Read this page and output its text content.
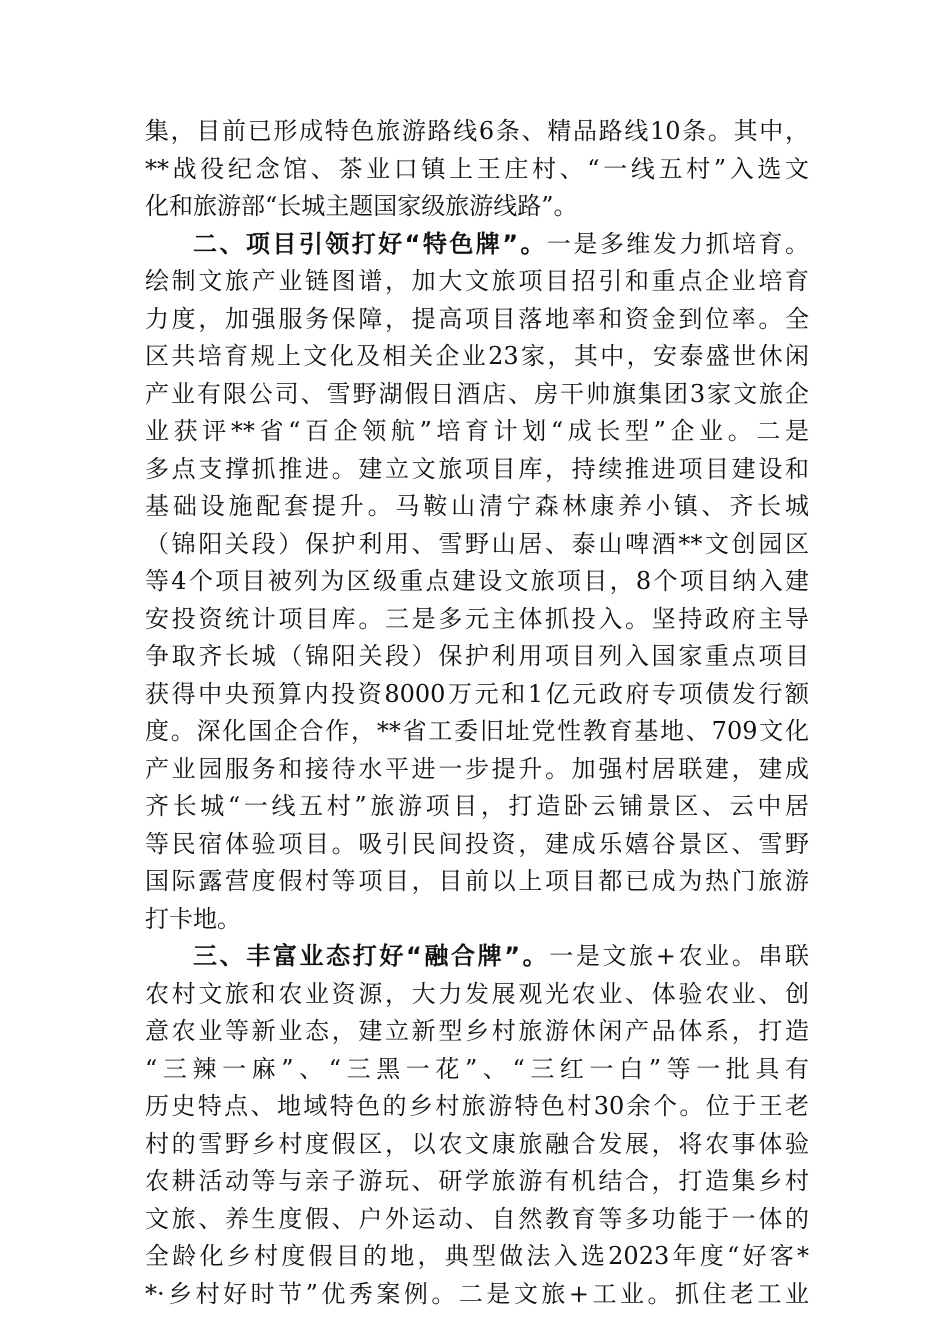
集，目前已形成特色旅游路线6条、精品路线10条。其中，
**战役纪念馆、茶业口镇上王庄村、“一线五村”入选文
化和旅游部“长城主题国家级旅游线路”。
二、项目引领打好“特色牌”。一是多维发力抓培育。
绘制文旅产业链图谱，加大文旅项目招引和重点企业培育
力度，加强服务保障，提高项目落地率和资金到位率。全
区共培育规上文化及相关企业23家，其中，安泰盛世休闲
产业有限公司、雪野湖假日酒店、房干帅旗集团3家文旅企
业获评**省“百企领航”培育计划“成长型”企业。二是
多点支撑抓推进。建立文旅项目库，持续推进项目建设和
基础设施配套提升。马鞍山清宁森林康养小镇、齐长城
（锦阳关段）保护利用、雪野山居、泰山啤酒**文创园区
等4个项目被列为区级重点建设文旅项目，8个项目纳入建
安投资统计项目库。三是多元主体抓投入。坚持政府主导
争取齐长城（锦阳关段）保护利用项目列入国家重点项目
获得中央预算内投资8000万元和1亿元政府专项债发行额
度。深化国企合作，**省工委旧址党性教育基地、709文化
产业园服务和接待水平进一步提升。加强村居联建，建成
齐长城“一线五村”旅游项目，打造卧云铺景区、云中居
等民宿体验项目。吸引民间投资，建成乐嬉谷景区、雪野
国际露营度假村等项目，目前以上项目都已成为热门旅游
打卡地。
三、丰富业态打好“融合牌”。一是文旅+农业。串联
农村文旅和农业资源，大力发展观光农业、体验农业、创
意农业等新业态，建立新型乡村旅游休闲产品体系，打造
“三辣一麻”、“三黑一花”、“三红一白”等一批具有
历史特点、地域特色的乡村旅游特色村30余个。位于王老
村的雪野乡村度假区，以农文康旅融合发展，将农事体验
农耕活动等与亲子游玩、研学旅游有机结合，打造集乡村
文旅、养生度假、户外运动、自然教育等多功能于一体的
全龄化乡村度假目的地，典型做法入选2023年度“好客*
*·乡村好时节”优秀案例。二是文旅+工业。抓住老工业
